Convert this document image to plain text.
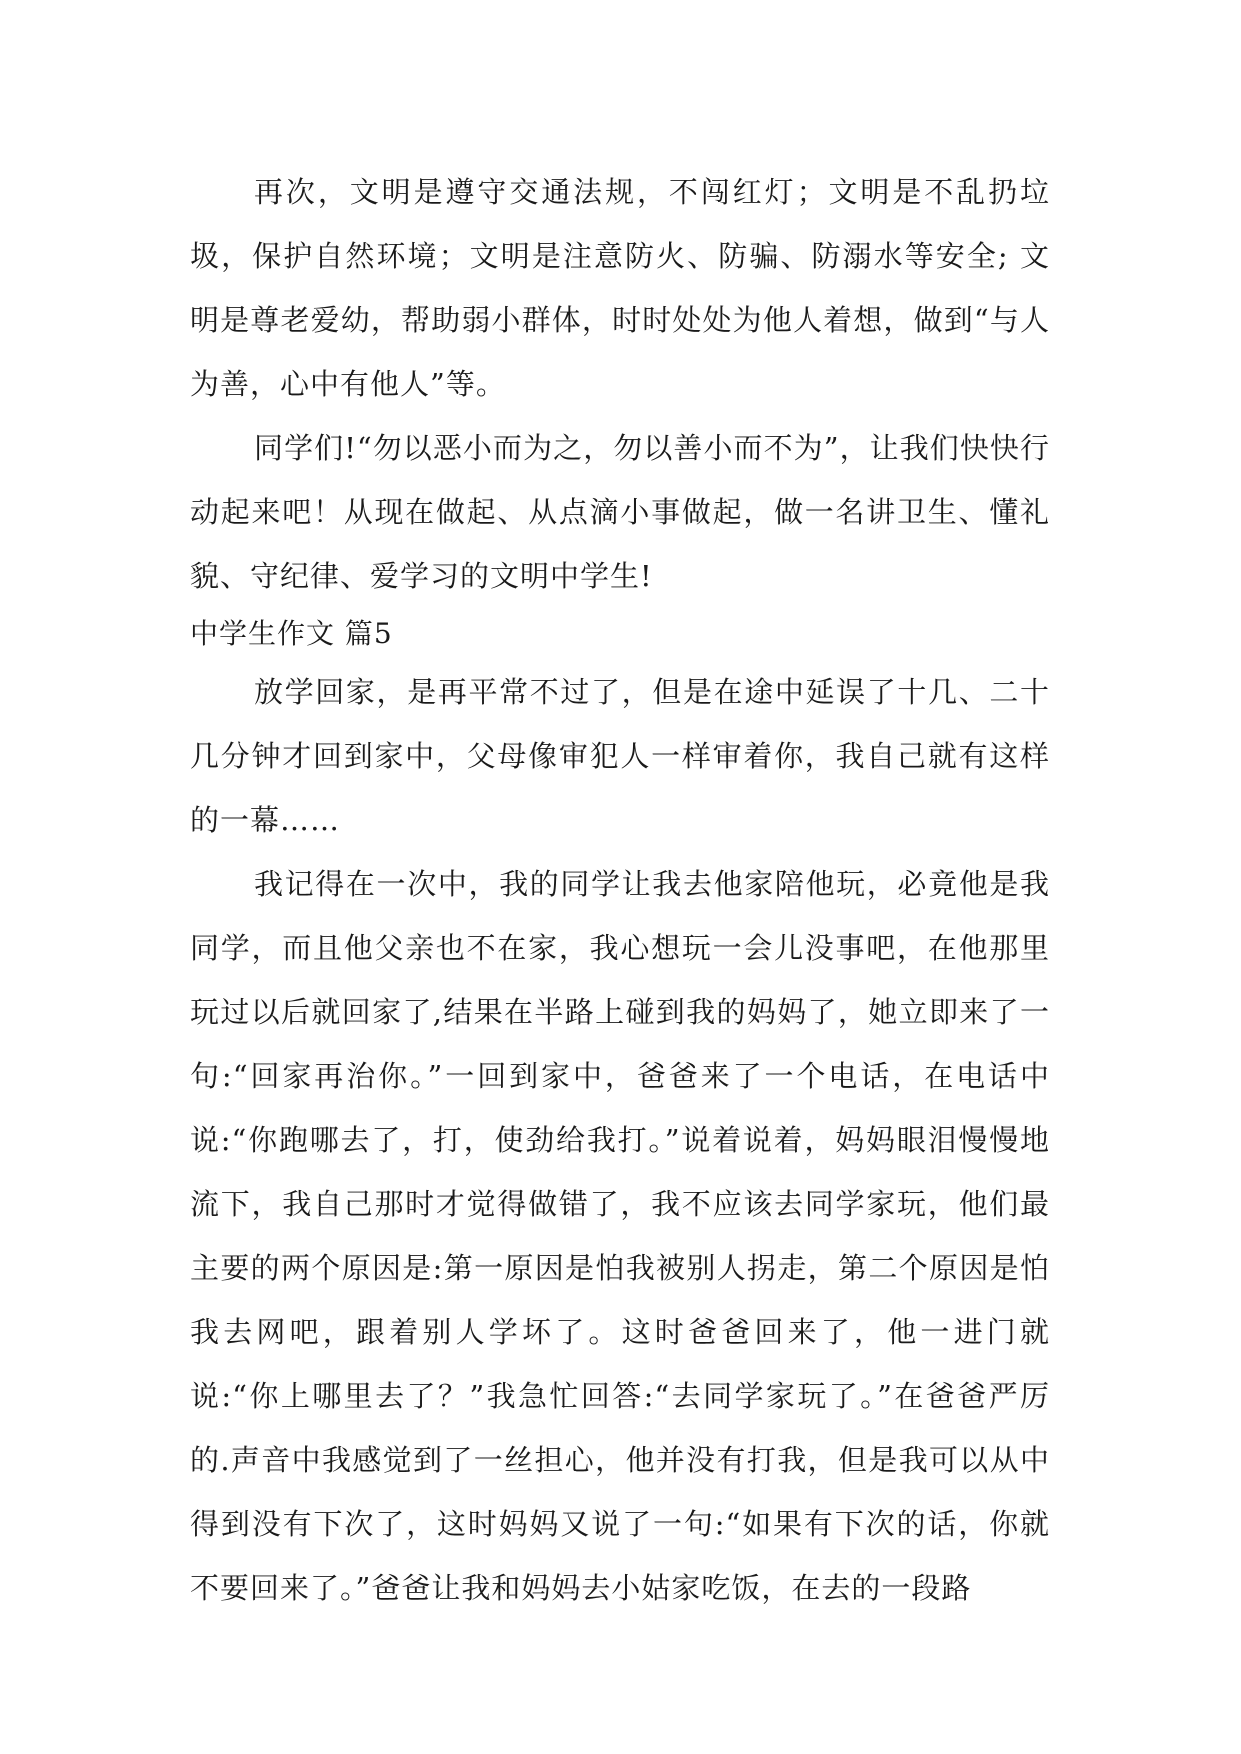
再次，文明是遵守交通法规，不闯红灯；文明是不乱扔垃圾，保护自然环境；文明是注意防火、防骗、防溺水等安全; 文明是尊老爱幼，帮助弱小群体，时时处处为他人着想，做到“与人为善，心中有他人”等。

同学们!“勿以恶小而为之，勿以善小而不为”，让我们快快行动起来吧！从现在做起、从点滴小事做起，做一名讲卫生、懂礼貌、守纪律、爱学习的文明中学生!

中学生作文 篇5

放学回家，是再平常不过了，但是在途中延误了十几、二十几分钟才回到家中，父母像审犯人一样审着你，我自己就有这样的一幕……

我记得在一次中，我的同学让我去他家陪他玩，必竟他是我同学，而且他父亲也不在家，我心想玩一会儿没事吧，在他那里玩过以后就回家了,结果在半路上碰到我的妈妈了，她立即来了一句:“回家再治你。”一回到家中，爸爸来了一个电话，在电话中说:“你跑哪去了，打，使劲给我打。”说着说着，妈妈眼泪慢慢地流下，我自己那时才觉得做错了，我不应该去同学家玩，他们最主要的两个原因是:第一原因是怕我被别人拐走，第二个原因是怕我去网吧，跟着别人学坏了。这时爸爸回来了，他一进门就说:“你上哪里去了？”我急忙回答:“去同学家玩了。”在爸爸严厉的.声音中我感觉到了一丝担心，他并没有打我，但是我可以从中得到没有下次了，这时妈妈又说了一句:“如果有下次的话，你就不要回来了。”爸爸让我和妈妈去小姑家吃饭，在去的一段路
